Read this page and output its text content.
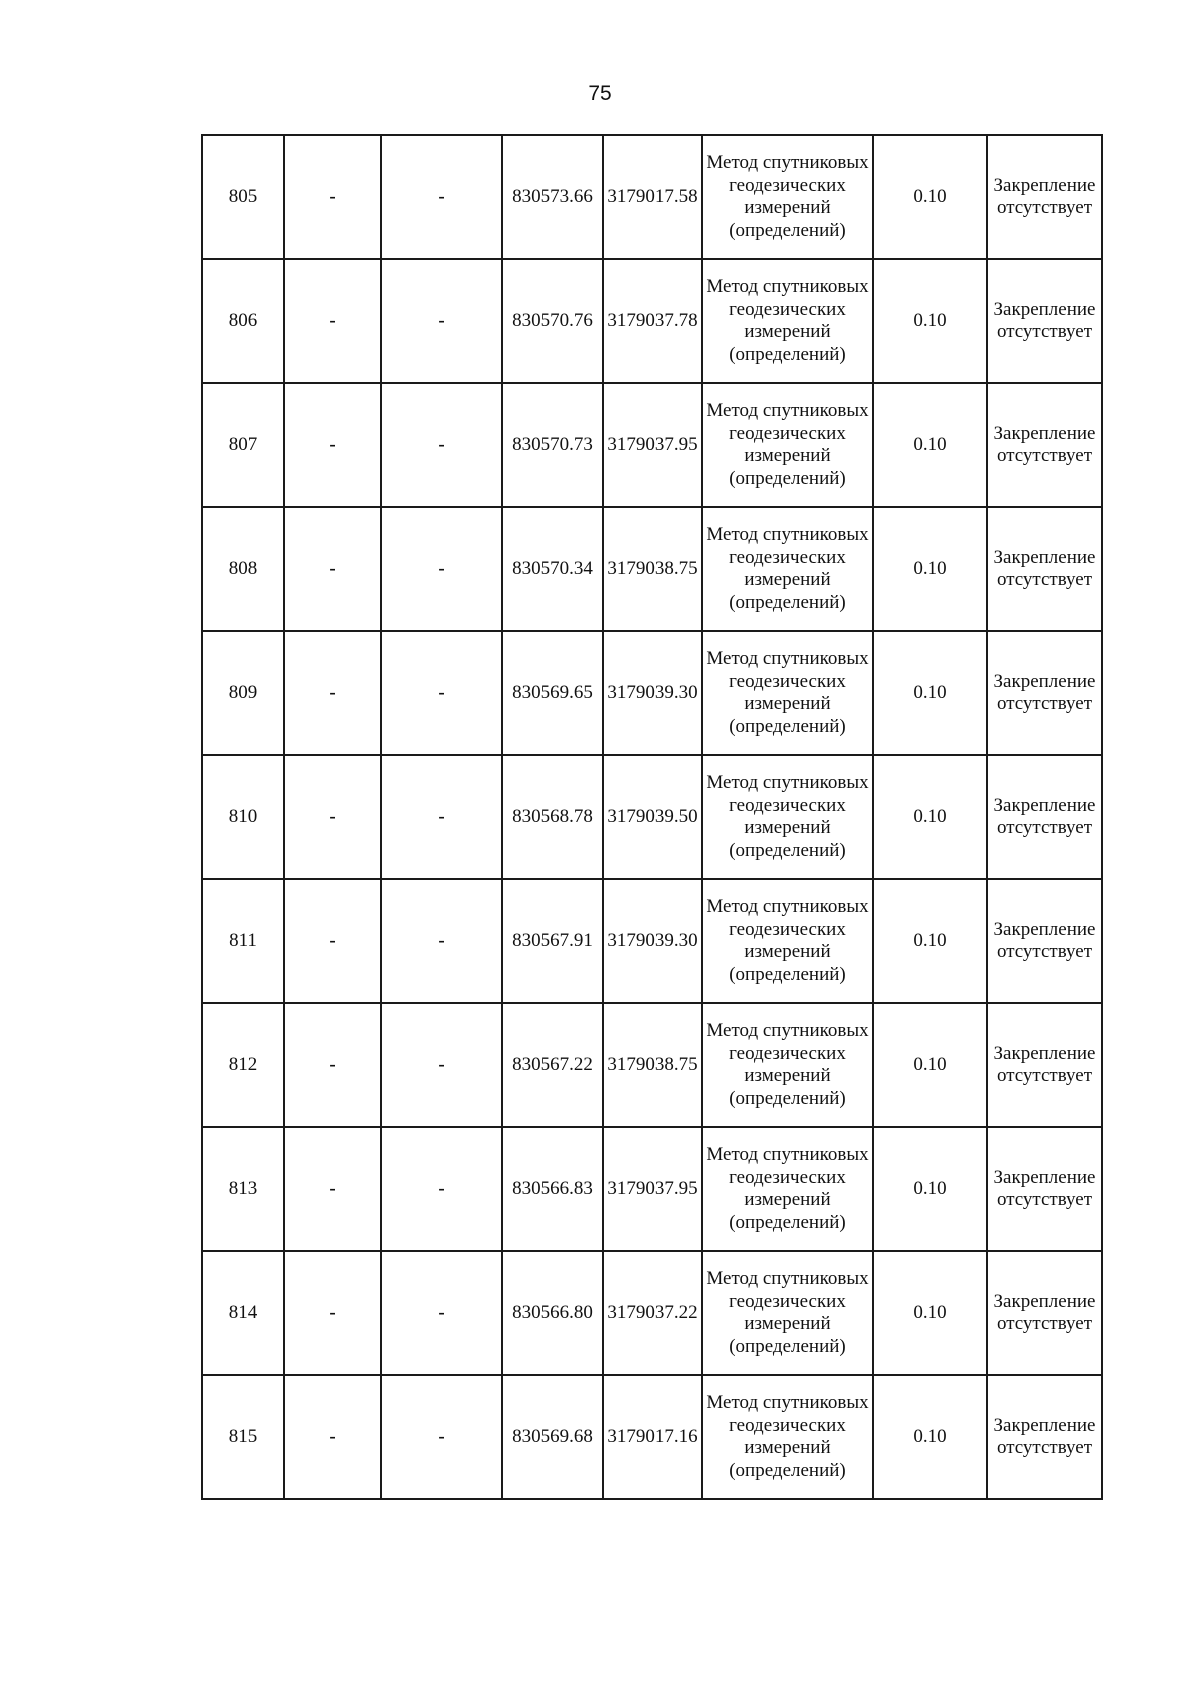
75
805	-	-	830573.66	3179017.58	Метод спутниковых геодезических измерений (определений)	0.10	Закрепление отсутствует
806	-	-	830570.76	3179037.78	Метод спутниковых геодезических измерений (определений)	0.10	Закрепление отсутствует
807	-	-	830570.73	3179037.95	Метод спутниковых геодезических измерений (определений)	0.10	Закрепление отсутствует
808	-	-	830570.34	3179038.75	Метод спутниковых геодезических измерений (определений)	0.10	Закрепление отсутствует
809	-	-	830569.65	3179039.30	Метод спутниковых геодезических измерений (определений)	0.10	Закрепление отсутствует
810	-	-	830568.78	3179039.50	Метод спутниковых геодезических измерений (определений)	0.10	Закрепление отсутствует
811	-	-	830567.91	3179039.30	Метод спутниковых геодезических измерений (определений)	0.10	Закрепление отсутствует
812	-	-	830567.22	3179038.75	Метод спутниковых геодезических измерений (определений)	0.10	Закрепление отсутствует
813	-	-	830566.83	3179037.95	Метод спутниковых геодезических измерений (определений)	0.10	Закрепление отсутствует
814	-	-	830566.80	3179037.22	Метод спутниковых геодезических измерений (определений)	0.10	Закрепление отсутствует
815	-	-	830569.68	3179017.16	Метод спутниковых геодезических измерений (определений)	0.10	Закрепление отсутствует
